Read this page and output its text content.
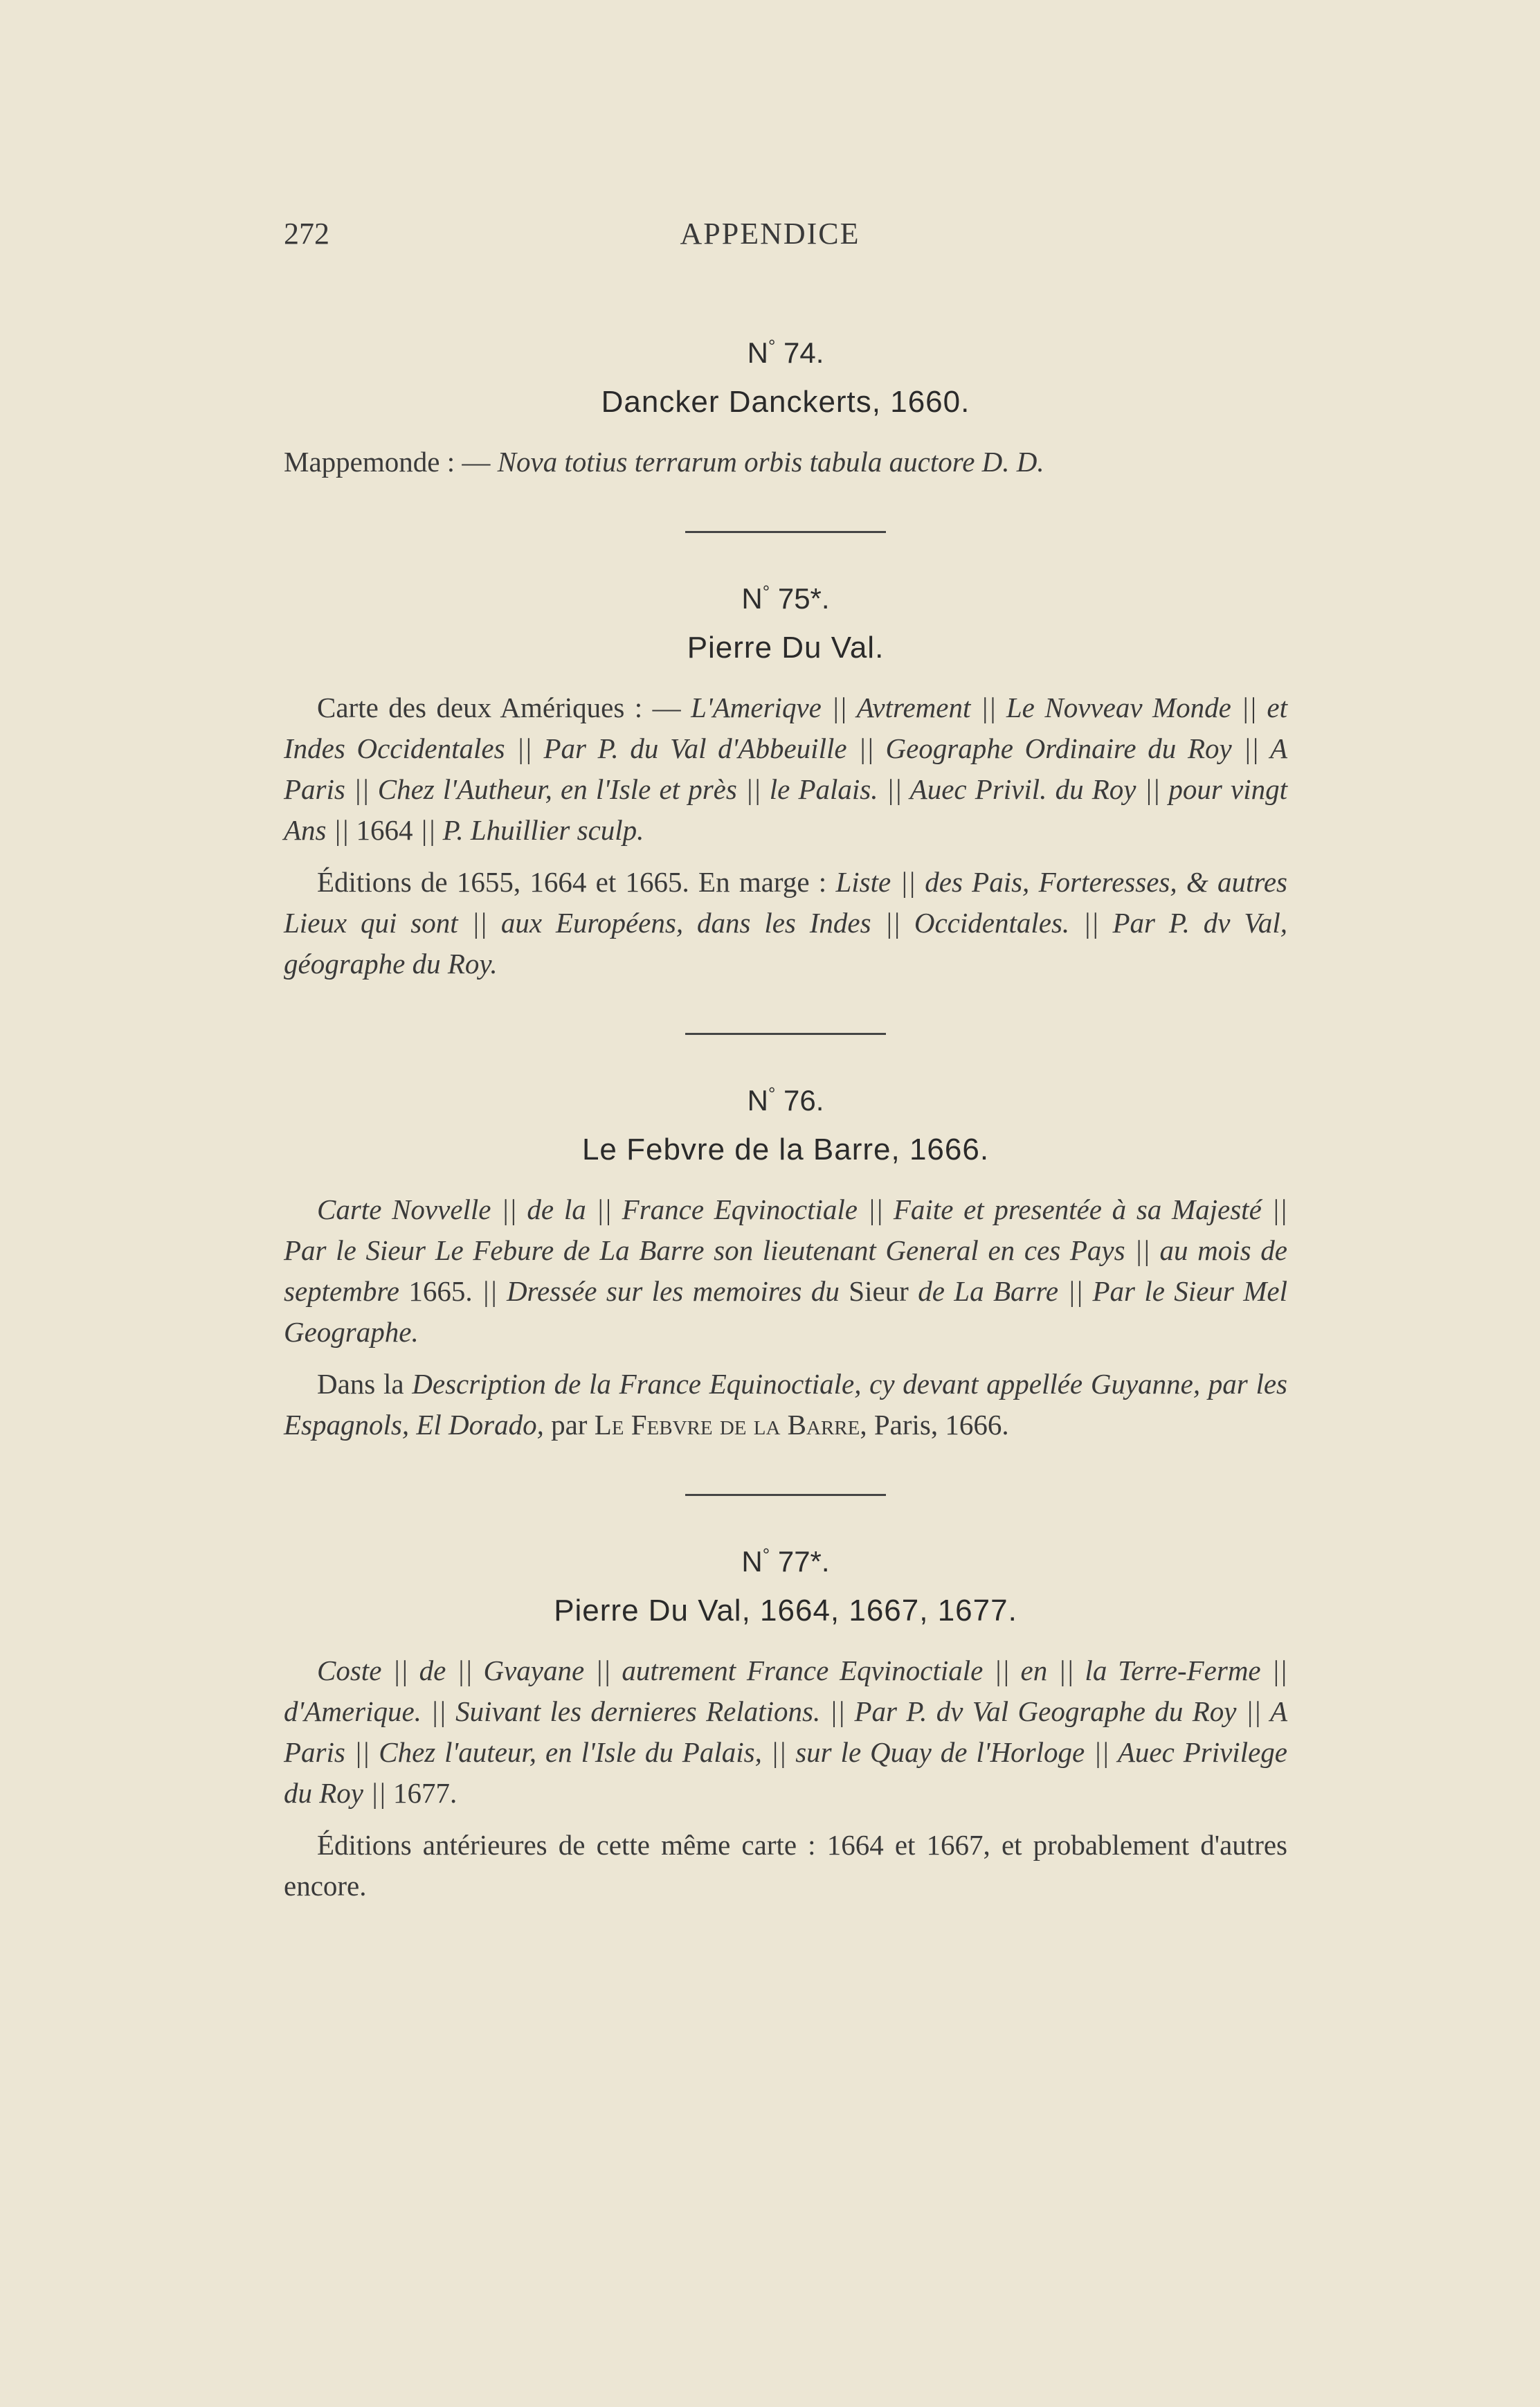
272	APPENDICE
N° 74.
Dancker Danckerts, 1660.
Mappemonde : — Nova totius terrarum orbis tabula auctore D. D.
N° 75*.
Pierre Du Val.
Carte des deux Amériques : — L'Ameriqve || Avtrement || Le Novveav Monde || et Indes Occidentales || Par P. du Val d'Abbeuille || Geographe Ordinaire du Roy || A Paris || Chez l'Autheur, en l'Isle et près || le Palais. || Auec Privil. du Roy || pour vingt Ans || 1664 || P. Lhuillier sculp.
Éditions de 1655, 1664 et 1665. En marge : Liste || des Pais, Forteresses, & autres Lieux qui sont || aux Européens, dans les Indes || Occidentales. || Par P. dv Val, géographe du Roy.
N° 76.
Le Febvre de la Barre, 1666.
Carte Novvelle || de la || France Eqvinoctiale || Faite et presentée à sa Majesté || Par le Sieur Le Febure de La Barre son lieutenant General en ces Pays || au mois de septembre 1665. || Dressée sur les memoires du Sieur de La Barre || Par le Sieur Mel Geographe.
Dans la Description de la France Equinoctiale, cy devant appellée Guyanne, par les Espagnols, El Dorado, par Le Febvre de la Barre, Paris, 1666.
N° 77*.
Pierre Du Val, 1664, 1667, 1677.
Coste || de || Gvayane || autrement France Eqvinoctiale || en || la Terre-Ferme || d'Amerique. || Suivant les dernieres Relations. || Par P. dv Val Geographe du Roy || A Paris || Chez l'auteur, en l'Isle du Palais, || sur le Quay de l'Horloge || Auec Privilege du Roy || 1677.
Éditions antérieures de cette même carte : 1664 et 1667, et probablement d'autres encore.
